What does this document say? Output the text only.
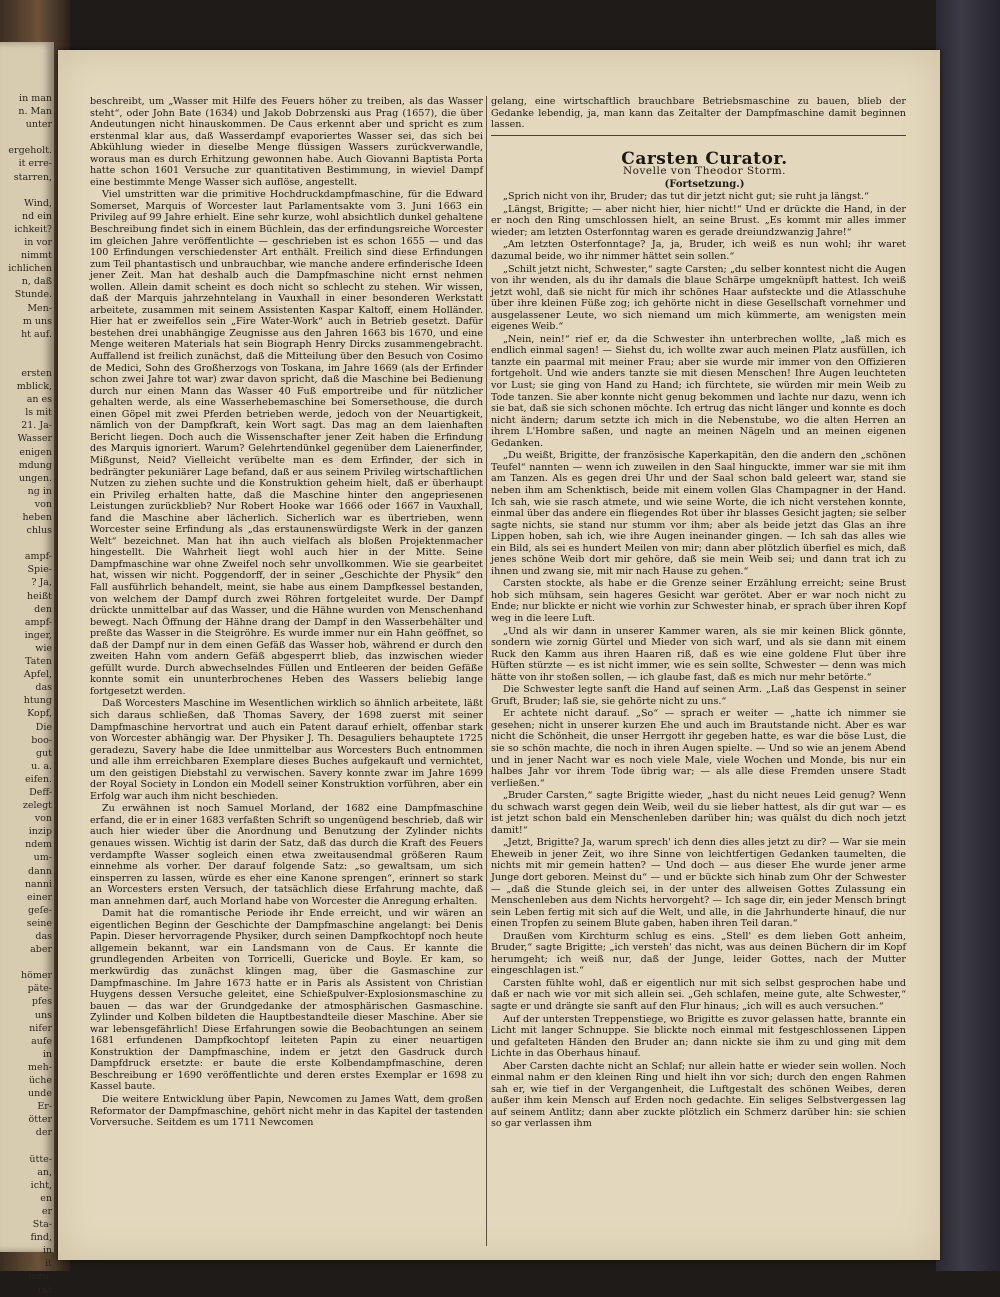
in man
n. Man
unter

ergeholt.
it erre-
starren,

Wind,
nd ein
ichkeit?
in vor
nimmt
ichlichen
n, daß
Stunde.
Men-
m uns
ht auf.

ersten
mblick,
an es
ls mit
21. Ja-
Wasser
enigen
mdung
ungen.
ng in
von
heben
chlus

ampf-
Spie-
? Ja,
heißt
den
ampf-
inger,
wie
Taten
Apfel,
das
htung
Kopf,
Die
boo-
gut
u. a.
eifen.
Deff-
zelegt
von
inzip
ndem
um-
dann
nanni
einer
geſe-
seine
das
aber

hömer
päte-
pfes
uns
nifer
aufe
in
meh-
üche
unde
Er-
ötter
der

ütte-
an,
icht,
en
er
Sta-
find,
in
it
mzu-
rat

beschreibt, um „Wasser mit Hilfe des Feuers höher zu treiben, als das Wasser steht“, oder John Bate (1634) und Jakob Dobrzenski aus Prag (1657), die über Andeutungen nicht hinauskommen. De Caus erkennt aber und spricht es zum erstenmal klar aus, daß Wasserdampf evaporiertes Wasser sei, das sich bei Abkühlung wieder in dieselbe Menge flüssigen Wassers zurückverwandle, woraus man es durch Erhitzung gewonnen habe. Auch Giovanni Baptista Porta hatte schon 1601 Versuche zur quantitativen Bestimmung, in wieviel Dampf eine bestimmte Menge Wasser sich auflöse, angestellt.

Viel umstritten war die primitive Hochdruckdampfmaschine, für die Edward Somerset, Marquis of Worcester laut Parlamentsakte vom 3. Juni 1663 ein Privileg auf 99 Jahre erhielt. Eine sehr kurze, wohl absichtlich dunkel gehaltene Beschreibung findet sich in einem Büchlein, das der erfindungsreiche Worcester im gleichen Jahre veröffentlichte — geschrieben ist es schon 1655 — und das 100 Erfindungen verschiedenster Art enthält. Freilich sind diese Erfindungen zum Teil phantastisch und unbrauchbar, wie manche andere erfinderische Ideen jener Zeit. Man hat deshalb auch die Dampfmaschine nicht ernst nehmen wollen. Allein damit scheint es doch nicht so schlecht zu stehen. Wir wissen, daß der Marquis jahrzehntelang in Vauxhall in einer besonderen Werkstatt arbeitete, zusammen mit seinem Assistenten Kaspar Kaltoff, einem Holländer. Hier hat er zweifellos sein „Fire Water-Work“ auch in Betrieb gesetzt. Dafür bestehen drei unabhängige Zeugnisse aus den Jahren 1663 bis 1670, und eine Menge weiteren Materials hat sein Biograph Henry Dircks zusammengebracht. Auffallend ist freilich zunächst, daß die Mitteilung über den Besuch von Cosimo de Medici, Sohn des Großherzogs von Toskana, im Jahre 1669 (als der Erfinder schon zwei Jahre tot war) zwar davon spricht, daß die Maschine bei Bedienung durch nur einen Mann das Wasser 40 Fuß emportreibe und für nützlicher gehalten werde, als eine Wasserhebemaschine bei Somersethouse, die durch einen Göpel mit zwei Pferden betrieben werde, jedoch von der Neuartigkeit, nämlich von der Dampfkraft, kein Wort sagt. Das mag an dem laienhaften Bericht liegen. Doch auch die Wissenschafter jener Zeit haben die Erfindung des Marquis ignoriert. Warum? Gelehrtendünkel gegenüber dem Laienerfinder, Mißgunst, Neid? Vielleicht verübelte man es dem Erfinder, der sich in bedrängter pekuniärer Lage befand, daß er aus seinem Privileg wirtschaftlichen Nutzen zu ziehen suchte und die Konstruktion geheim hielt, daß er überhaupt ein Privileg erhalten hatte, daß die Maschine hinter den angepriesenen Leistungen zurückblieb? Nur Robert Hooke war 1666 oder 1667 in Vauxhall, fand die Maschine aber lächerlich. Sicherlich war es übertrieben, wenn Worcester seine Erfindung als „das erstaunenswürdigste Werk in der ganzen Welt“ bezeichnet. Man hat ihn auch vielfach als bloßen Projektenmacher hingestellt. Die Wahrheit liegt wohl auch hier in der Mitte. Seine Dampfmaschine war ohne Zweifel noch sehr unvollkommen. Wie sie gearbeitet hat, wissen wir nicht. Poggendorff, der in seiner „Geschichte der Physik“ den Fall ausführlich behandelt, meint, sie habe aus einem Dampfkessel bestanden, von welchem der Dampf durch zwei Röhren fortgeleitet wurde. Der Dampf drückte unmittelbar auf das Wasser, und die Hähne wurden von Menschenhand bewegt. Nach Öffnung der Hähne drang der Dampf in den Wasserbehälter und preßte das Wasser in die Steigröhre. Es wurde immer nur ein Hahn geöffnet, so daß der Dampf nur in dem einen Gefäß das Wasser hob, während er durch den zweiten Hahn vom andern Gefäß abgesperrt blieb, das inzwischen wieder gefüllt wurde. Durch abwechselndes Füllen und Entleeren der beiden Gefäße konnte somit ein ununterbrochenes Heben des Wassers beliebig lange fortgesetzt werden.

Daß Worcesters Maschine im Wesentlichen wirklich so ähnlich arbeitete, läßt sich daraus schließen, daß Thomas Savery, der 1698 zuerst mit seiner Dampfmaschine hervortrat und auch ein Patent darauf erhielt, offenbar stark von Worcester abhängig war. Der Physiker J. Th. Desaguliers behauptete 1725 geradezu, Savery habe die Idee unmittelbar aus Worcesters Buch entnommen und alle ihm erreichbaren Exemplare dieses Buches aufgekauft und vernichtet, um den geistigen Diebstahl zu verwischen. Savery konnte zwar im Jahre 1699 der Royal Society in London ein Modell seiner Konstruktion vorführen, aber ein Erfolg war auch ihm nicht beschieden.

Zu erwähnen ist noch Samuel Morland, der 1682 eine Dampfmaschine erfand, die er in einer 1683 verfaßten Schrift so ungenügend beschrieb, daß wir auch hier wieder über die Anordnung und Benutzung der Zylinder nichts genaues wissen. Wichtig ist darin der Satz, daß das durch die Kraft des Feuers verdampfte Wasser sogleich einen etwa zweitausendmal größeren Raum einnehme als vorher. Der darauf folgende Satz: „so gewaltsam, um sich einsperren zu lassen, würde es eher eine Kanone sprengen“, erinnert so stark an Worcesters ersten Versuch, der tatsächlich diese Erfahrung machte, daß man annehmen darf, auch Morland habe von Worcester die Anregung erhalten.

Damit hat die romantische Periode ihr Ende erreicht, und wir wären an eigentlichen Beginn der Geschichte der Dampfmaschine angelangt: bei Denis Papin. Dieser hervorragende Physiker, durch seinen Dampfkochtopf noch heute allgemein bekannt, war ein Landsmann von de Caus. Er kannte die grundlegenden Arbeiten von Torricelli, Guericke und Boyle. Er kam, so merkwürdig das zunächst klingen mag, über die Gasmaschine zur Dampfmaschine. Im Jahre 1673 hatte er in Paris als Assistent von Christian Huygens dessen Versuche geleitet, eine Schießpulver-Explosionsmaschine zu bauen — das war der Grundgedanke der atmosphärischen Gasmaschine. Zylinder und Kolben bildeten die Hauptbestandteile dieser Maschine. Aber sie war lebensgefährlich! Diese Erfahrungen sowie die Beobachtungen an seinem 1681 erfundenen Dampfkochtopf leiteten Papin zu einer neuartigen Konstruktion der Dampfmaschine, indem er jetzt den Gasdruck durch Dampfdruck ersetzte: er baute die erste Kolbendampfmaschine, deren Beschreibung er 1690 veröffentlichte und deren erstes Exemplar er 1698 zu Kassel baute.

Die weitere Entwicklung über Papin, Newcomen zu James Watt, dem großen Reformator der Dampfmaschine, gehört nicht mehr in das Kapitel der tastenden Vorversuche. Seitdem es um 1711 Newcomen

gelang, eine wirtschaftlich brauchbare Betriebsmaschine zu bauen, blieb der Gedanke lebendig, ja, man kann das Zeitalter der Dampfmaschine damit beginnen lassen.

Carsten Curator.

Novelle von Theodor Storm.

(Fortsetzung.)

„Sprich nicht von ihr, Bruder; das tut dir jetzt nicht gut; sie ruht ja längst.“

„Längst, Brigitte; — aber nicht hier, hier nicht!“ Und er drückte die Hand, in der er noch den Ring umschlossen hielt, an seine Brust. „Es kommt mir alles immer wieder; am letzten Osterfonntag waren es gerade dreiundzwanzig Jahre!“

„Am letzten Osterfonntage? Ja, ja, Bruder, ich weiß es nun wohl; ihr waret dazumal beide, wo ihr nimmer hättet sein sollen.“

„Schilt jetzt nicht, Schwester,“ sagte Carsten; „du selber konntest nicht die Augen von ihr wenden, als du ihr damals die blaue Schärpe umgeknüpft hattest. Ich weiß jetzt wohl, daß sie nicht für mich ihr schönes Haar aufsteckte und die Atlasschuhe über ihre kleinen Füße zog; ich gehörte nicht in diese Gesellschaft vornehmer und ausgelassener Leute, wo sich niemand um mich kümmerte, am wenigsten mein eigenes Weib.“

„Nein, nein!“ rief er, da die Schwester ihn unterbrechen wollte, „laß mich es endlich einmal sagen! — Siehst du, ich wollte zwar auch meinen Platz ausfüllen, ich tanzte ein paarmal mit meiner Frau; aber sie wurde mir immer von den Offizieren fortgeholt. Und wie anders tanzte sie mit diesen Menschen! Ihre Augen leuchteten vor Lust; sie ging von Hand zu Hand; ich fürchtete, sie würden mir mein Weib zu Tode tanzen. Sie aber konnte nicht genug bekommen und lachte nur dazu, wenn ich sie bat, daß sie sich schonen möchte. Ich ertrug das nicht länger und konnte es doch nicht ändern; darum setzte ich mich in die Nebenstube, wo die alten Herren an ihrem L'Hombre saßen, und nagte an meinen Nägeln und an meinen eigenen Gedanken.

„Du weißt, Brigitte, der französische Kaperkapitän, den die andern den „schönen Teufel“ nannten — wenn ich zuweilen in den Saal hinguckte, immer war sie mit ihm am Tanzen. Als es gegen drei Uhr und der Saal schon bald geleert war, stand sie neben ihm am Schenktisch, beide mit einem vollen Glas Champagner in der Hand. Ich sah, wie sie rasch atmete, und wie seine Worte, die ich nicht verstehen konnte, einmal über das andere ein fliegendes Rot über ihr blasses Gesicht jagten; sie selber sagte nichts, sie stand nur stumm vor ihm; aber als beide jetzt das Glas an ihre Lippen hoben, sah ich, wie ihre Augen ineinander gingen. — Ich sah das alles wie ein Bild, als sei es hundert Meilen von mir; dann aber plötzlich überfiel es mich, daß jenes schöne Weib dort mir gehöre, daß sie mein Weib sei; und dann trat ich zu ihnen und zwang sie, mit mir nach Hause zu gehen.“

Carsten stockte, als habe er die Grenze seiner Erzählung erreicht; seine Brust hob sich mühsam, sein hageres Gesicht war gerötet. Aber er war noch nicht zu Ende; nur blickte er nicht wie vorhin zur Schwester hinab, er sprach über ihren Kopf weg in die leere Luft.

„Und als wir dann in unserer Kammer waren, als sie mir keinen Blick gönnte, sondern wie zornig Gürtel und Mieder von sich warf, und als sie dann mit einem Ruck den Kamm aus ihren Haaren riß, daß es wie eine goldene Flut über ihre Hüften stürzte — es ist nicht immer, wie es sein sollte, Schwester — denn was mich hätte von ihr stoßen sollen, — ich glaube fast, daß es mich nur mehr betörte.“

Die Schwester legte sanft die Hand auf seinen Arm. „Laß das Gespenst in seiner Gruft, Bruder; laß sie, sie gehörte nicht zu uns.“

Er achtete nicht darauf. „So“ — sprach er weiter — „hatte ich nimmer sie gesehen; nicht in unserer kurzen Ehe und auch im Brautstande nicht. Aber es war nicht die Schönheit, die unser Herrgott ihr gegeben hatte, es war die böse Lust, die sie so schön machte, die noch in ihren Augen spielte. — Und so wie an jenem Abend und in jener Nacht war es noch viele Male, viele Wochen und Monde, bis nur ein halbes Jahr vor ihrem Tode übrig war; — als alle diese Fremden unsere Stadt verließen.“

„Bruder Carsten,“ sagte Brigitte wieder, „hast du nicht neues Leid genug? Wenn du schwach warst gegen dein Weib, weil du sie lieber hattest, als dir gut war — es ist jetzt schon bald ein Menschenleben darüber hin; was quälst du dich noch jetzt damit!“

„Jetzt, Brigitte? Ja, warum sprech' ich denn dies alles jetzt zu dir? — War sie mein Eheweib in jener Zeit, wo ihre Sinne von leichtfertigen Gedanken taumelten, die nichts mit mir gemein hatten? — Und doch — aus dieser Ehe wurde jener arme Junge dort geboren. Meinst du“ — und er bückte sich hinab zum Ohr der Schwester — „daß die Stunde gleich sei, in der unter des allweisen Gottes Zulassung ein Menschenleben aus dem Nichts hervorgeht? — Ich sage dir, ein jeder Mensch bringt sein Leben fertig mit sich auf die Welt, und alle, in die Jahrhunderte hinauf, die nur einen Tropfen zu seinem Blute gaben, haben ihren Teil daran.“

Draußen vom Kirchturm schlug es eins. „Stell' es dem lieben Gott anheim, Bruder,“ sagte Brigitte; „ich versteh' das nicht, was aus deinen Büchern dir im Kopf herumgeht; ich weiß nur, daß der Junge, leider Gottes, nach der Mutter eingeschlagen ist.“

Carsten fühlte wohl, daß er eigentlich nur mit sich selbst gesprochen habe und daß er nach wie vor mit sich allein sei. „Geh schlafen, meine gute, alte Schwester,“ sagte er und drängte sie sanft auf den Flur hinaus; „ich will es auch versuchen.“

Auf der untersten Treppenstiege, wo Brigitte es zuvor gelassen hatte, brannte ein Licht mit langer Schnuppe. Sie blickte noch einmal mit festgeschlossenen Lippen und gefalteten Händen den Bruder an; dann nickte sie ihm zu und ging mit dem Lichte in das Oberhaus hinauf.

Aber Carsten dachte nicht an Schlaf; nur allein hatte er wieder sein wollen. Noch einmal nahm er den kleinen Ring und hielt ihn vor sich; durch den engen Rahmen sah er, wie tief in der Vergangenheit, die Luftgestalt des schönen Weibes, deren außer ihm kein Mensch auf Erden noch gedachte. Ein seliges Selbstvergessen lag auf seinem Antlitz; dann aber zuckte plötzlich ein Schmerz darüber hin: sie schien so gar verlassen ihm
